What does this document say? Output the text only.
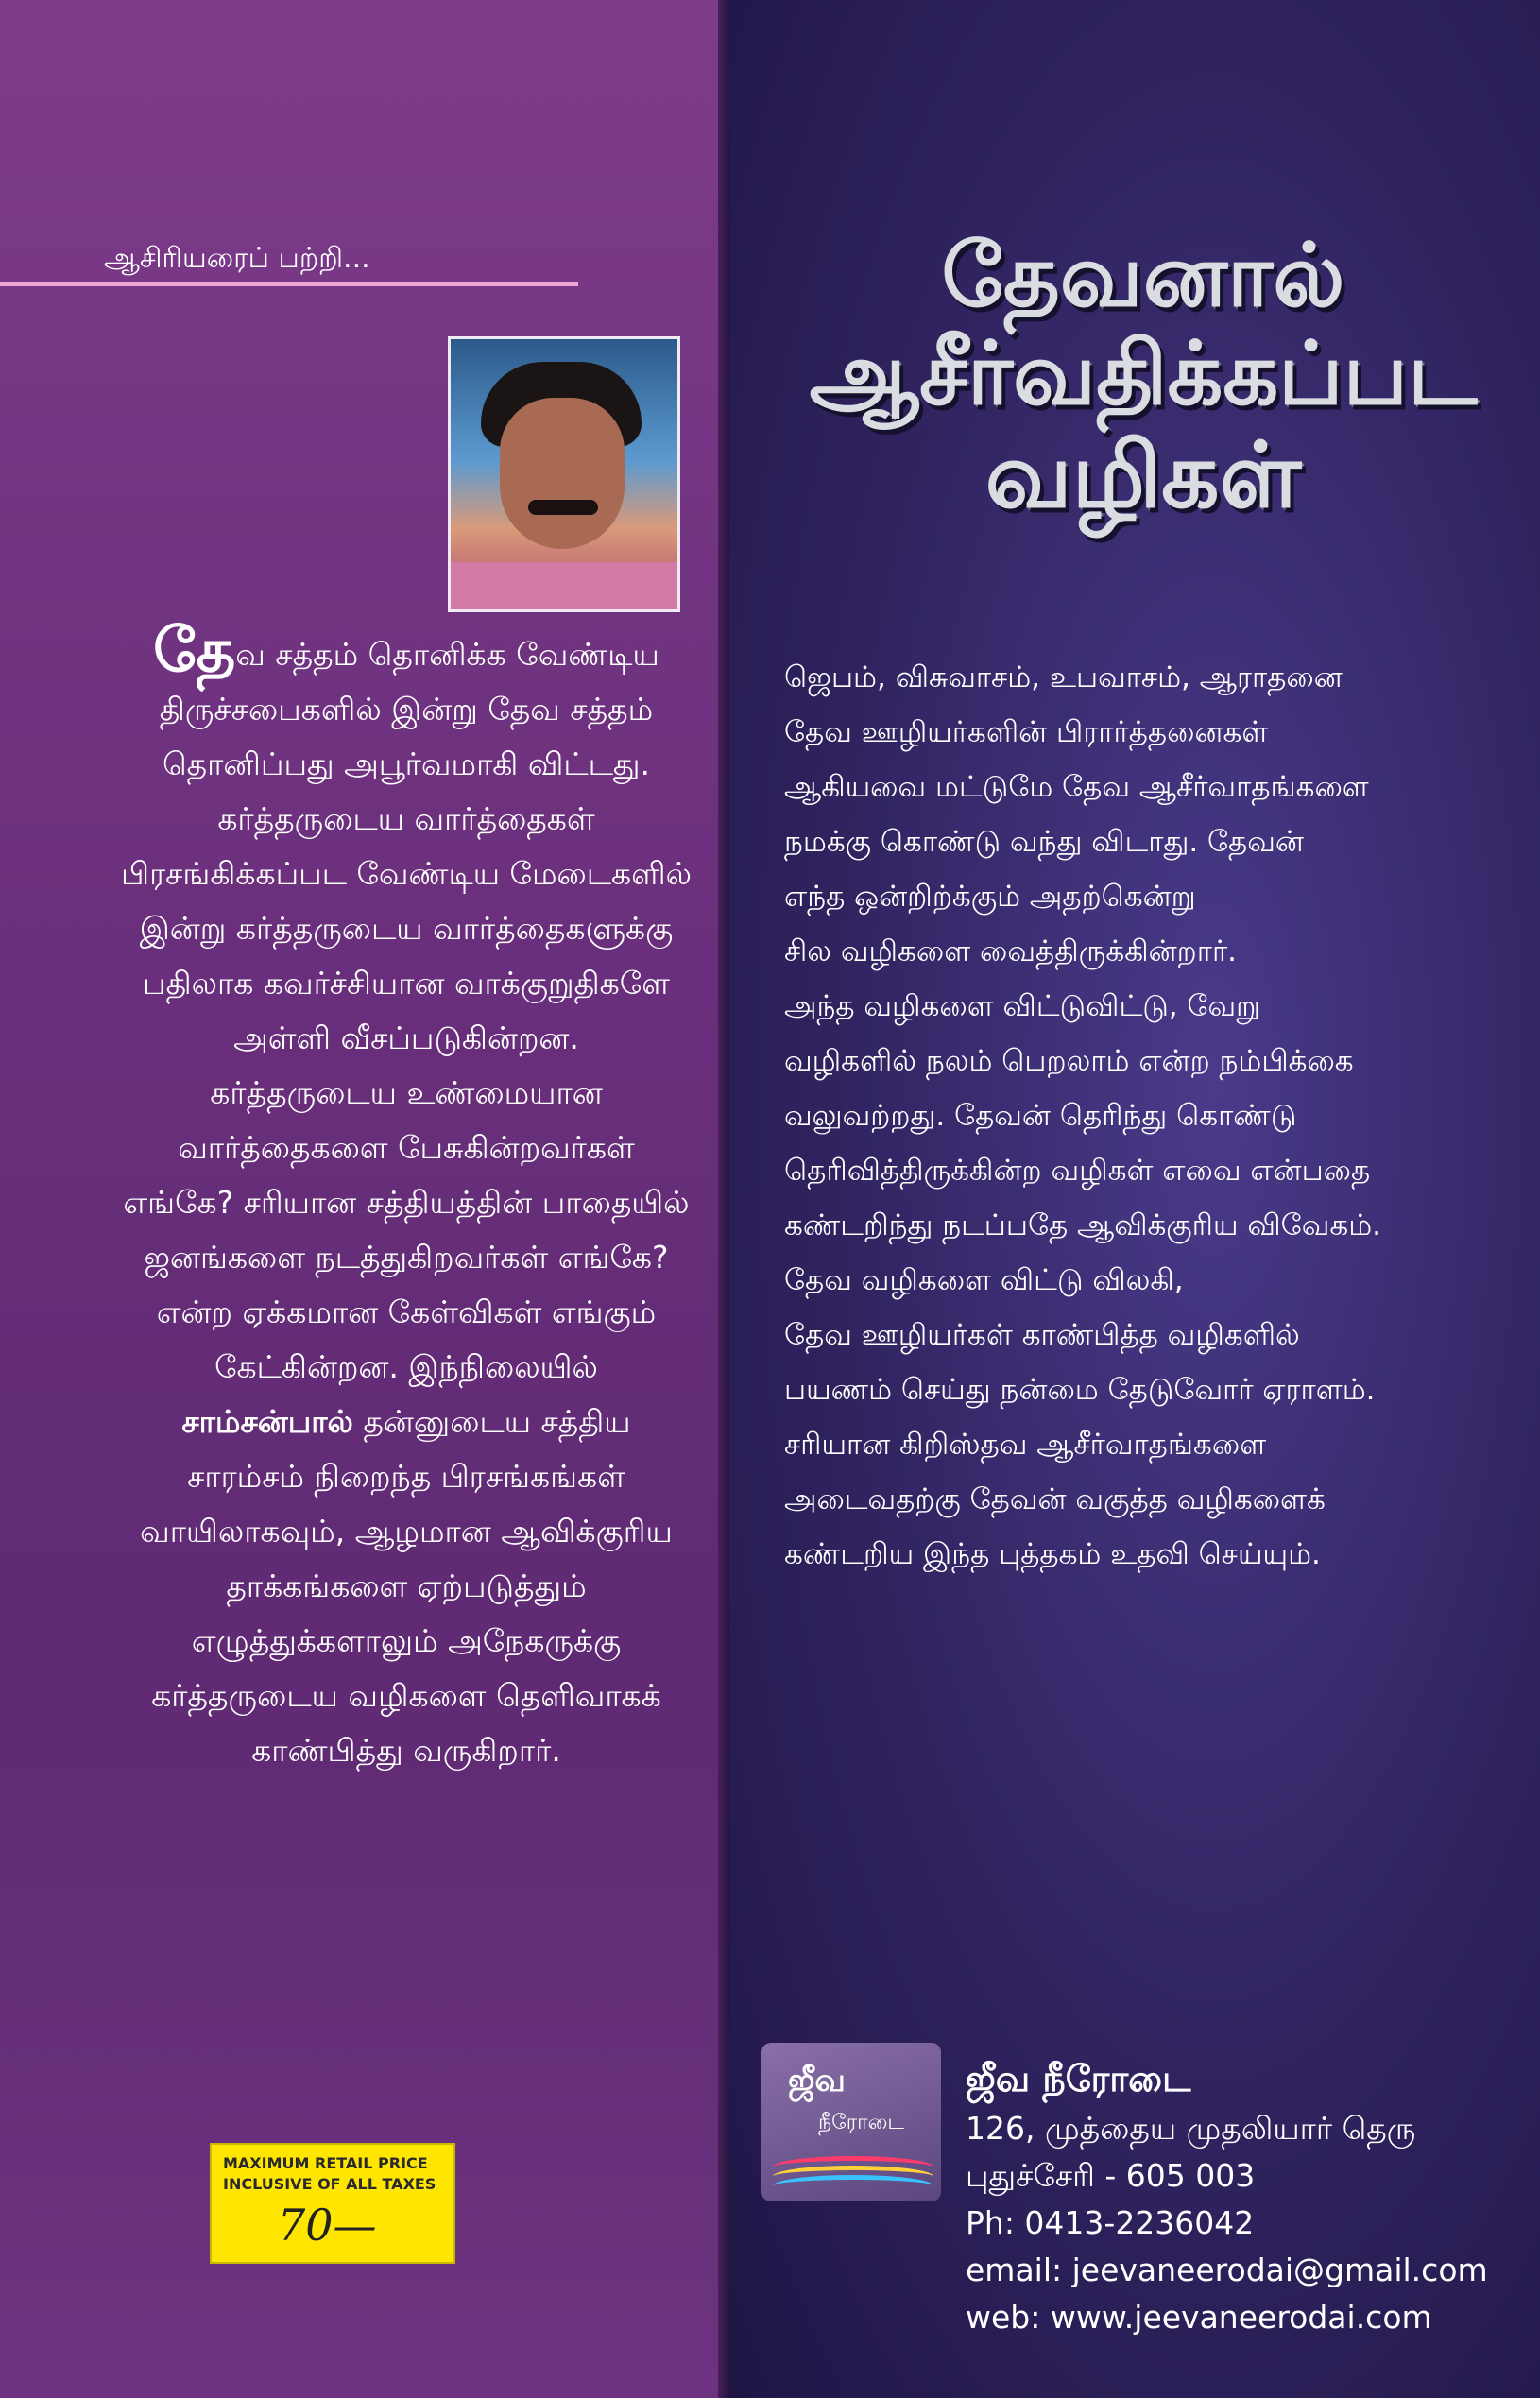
ஆசிரியரைப் பற்றி...
தேவ சத்தம் தொனிக்க வேண்டிய
திருச்சபைகளில் இன்று தேவ சத்தம்
தொனிப்பது அபூர்வமாகி விட்டது.
கர்த்தருடைய வார்த்தைகள்
பிரசங்கிக்கப்பட வேண்டிய மேடைகளில்
இன்று கர்த்தருடைய வார்த்தைகளுக்கு
பதிலாக கவர்ச்சியான வாக்குறுதிகளே
அள்ளி வீசப்படுகின்றன.
கர்த்தருடைய உண்மையான
வார்த்தைகளை பேசுகின்றவர்கள்
எங்கே? சரியான சத்தியத்தின் பாதையில்
ஜனங்களை நடத்துகிறவர்கள் எங்கே?
என்ற ஏக்கமான கேள்விகள் எங்கும்
கேட்கின்றன. இந்நிலையில்
சாம்சன்பால் தன்னுடைய சத்திய
சாரம்சம் நிறைந்த பிரசங்கங்கள்
வாயிலாகவும், ஆழமான ஆவிக்குரிய
தாக்கங்களை ஏற்படுத்தும்
எழுத்துக்களாலும் அநேகருக்கு
கர்த்தருடைய வழிகளை தெளிவாகக்
காண்பித்து வருகிறார்.
தேவனால்
ஆசீர்வதிக்கப்பட
வழிகள்
ஜெபம், விசுவாசம், உபவாசம், ஆராதனை
தேவ ஊழியர்களின் பிரார்த்தனைகள்
ஆகியவை மட்டுமே தேவ ஆசீர்வாதங்களை
நமக்கு கொண்டு வந்து விடாது. தேவன்
எந்த ஒன்றிற்க்கும் அதற்கென்று
சில வழிகளை வைத்திருக்கின்றார்.
அந்த வழிகளை விட்டுவிட்டு, வேறு
வழிகளில் நலம் பெறலாம் என்ற நம்பிக்கை
வலுவற்றது. தேவன் தெரிந்து கொண்டு
தெரிவித்திருக்கின்ற வழிகள் எவை என்பதை
கண்டறிந்து நடப்பதே ஆவிக்குரிய விவேகம்.
தேவ வழிகளை விட்டு விலகி,
தேவ ஊழியர்கள் காண்பித்த வழிகளில்
பயணம் செய்து நன்மை தேடுவோர் ஏராளம்.
சரியான கிறிஸ்தவ ஆசீர்வாதங்களை
அடைவதற்கு தேவன் வகுத்த வழிகளைக்
கண்டறிய இந்த புத்தகம் உதவி செய்யும்.
ஜீவ
நீரோடை
ஜீவ நீரோடை
126, முத்தைய முதலியார் தெரு
புதுச்சேரி - 605 003
Ph: 0413-2236042
email: jeevaneerodai@gmail.com
web: www.jeevaneerodai.com
MAXIMUM RETAIL PRICE
INCLUSIVE OF ALL TAXES
70—
